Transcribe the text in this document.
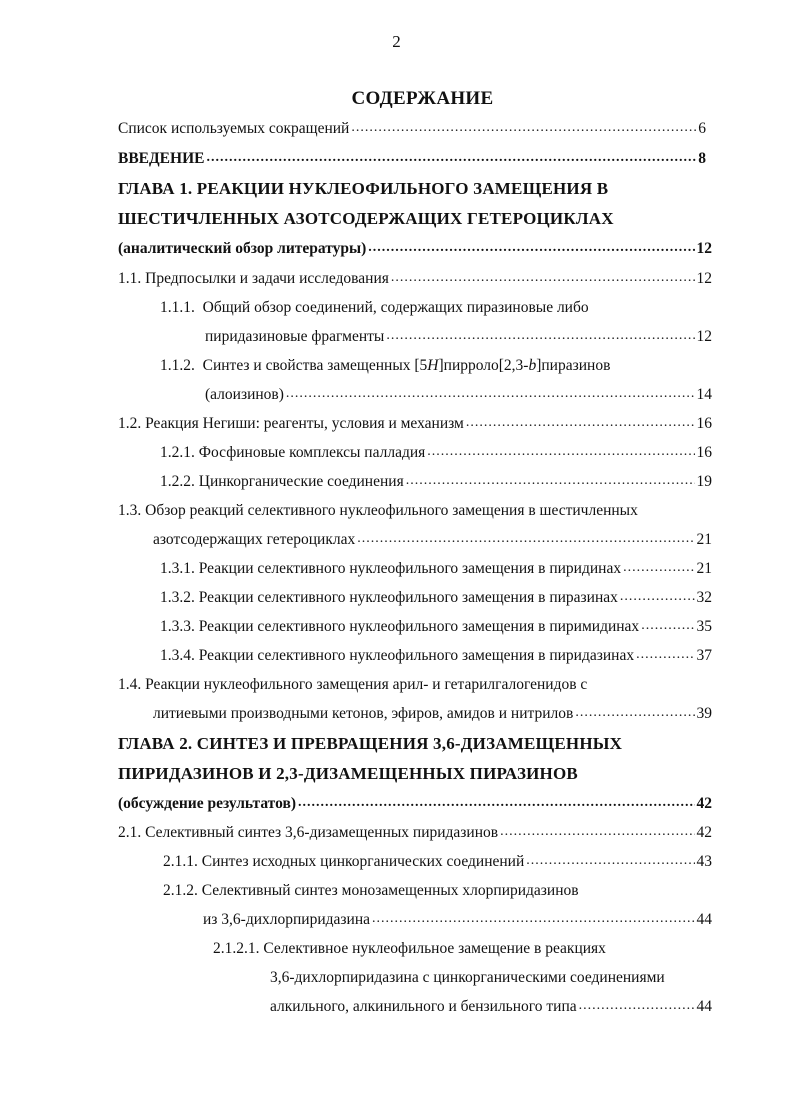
2
СОДЕРЖАНИЕ
Список используемых сокращений .....	6
ВВЕДЕНИЕ .....	8
ГЛАВА 1. РЕАКЦИИ НУКЛЕОФИЛЬНОГО ЗАМЕЩЕНИЯ В
ШЕСТИЧЛЕННЫХ АЗОТСОДЕРЖАЩИХ ГЕТЕРОЦИКЛАХ
(аналитический обзор литературы) .....	12
1.1. Предпосылки и задачи исследования .....	12
1.1.1. Общий обзор соединений, содержащих пиразиновые либо
пиридазиновые фрагменты .....	12
1.1.2. Синтез и свойства замещенных [5H]пирроло[2,3-b]пиразинов
(алоизинов) .....	14
1.2. Реакция Негиши: реагенты, условия и механизм .....	16
1.2.1. Фосфиновые комплексы палладия .....	16
1.2.2. Цинкорганические соединения .....	19
1.3. Обзор реакций селективного нуклеофильного замещения в шестичленных
азотсодержащих гетероциклах .....	21
1.3.1. Реакции селективного нуклеофильного замещения в пиридинах .....	21
1.3.2. Реакции селективного нуклеофильного замещения в пиразинах .....	32
1.3.3. Реакции селективного нуклеофильного замещения в пиримидинах .....	35
1.3.4. Реакции селективного нуклеофильного замещения в пиридазинах .....	37
1.4. Реакции нуклеофильного замещения арил- и гетарилгалогенидов с
литиевыми производными кетонов, эфиров, амидов и нитрилов .....	39
ГЛАВА 2. СИНТЕЗ И ПРЕВРАЩЕНИЯ 3,6-ДИЗАМЕЩЕННЫХ
ПИРИДАЗИНОВ И 2,3-ДИЗАМЕЩЕННЫХ ПИРАЗИНОВ
(обсуждение результатов) .....	42
2.1. Селективный синтез 3,6-дизамещенных пиридазинов .....	42
2.1.1. Синтез исходных цинкорганических соединений .....	43
2.1.2. Селективный синтез монозамещенных хлорпиридазинов
из 3,6-дихлорпиридазина .....	44
2.1.2.1. Селективное нуклеофильное замещение в реакциях
3,6-дихлорпиридазина с цинкорганическими соединениями
алкильного, алкинильного и бензильного типа .....	44
